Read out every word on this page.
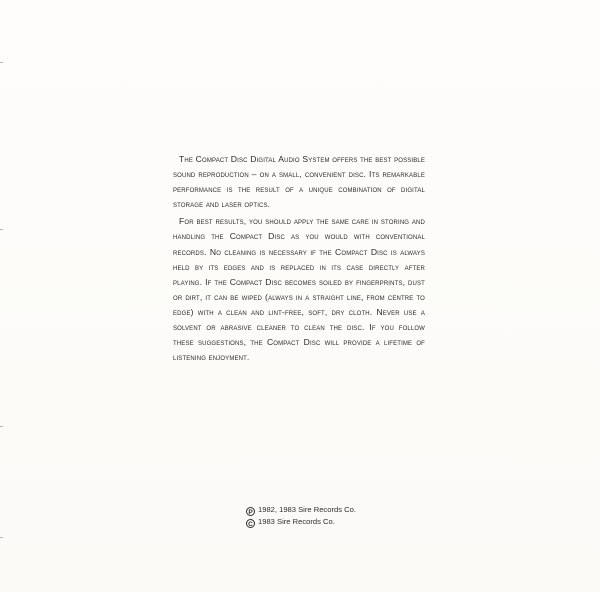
The Compact Disc Digital Audio System offers the best possible sound reproduction – on a small, convenient disc. Its remarkable performance is the result of a unique combination of digital storage and laser optics.

For best results, you should apply the same care in storing and handling the Compact Disc as you would with conventional records. No cleaning is necessary if the Compact Disc is always held by its edges and is replaced in its case directly after playing. If the Compact Disc becomes soiled by fingerprints, dust or dirt, it can be wiped (always in a straight line, from centre to edge) with a clean and lint-free, soft, dry cloth. Never use a solvent or abrasive cleaner to clean the disc. If you follow these suggestions, the Compact Disc will provide a lifetime of listening enjoyment.

P 1982, 1983 Sire Records Co.
C 1983 Sire Records Co.
